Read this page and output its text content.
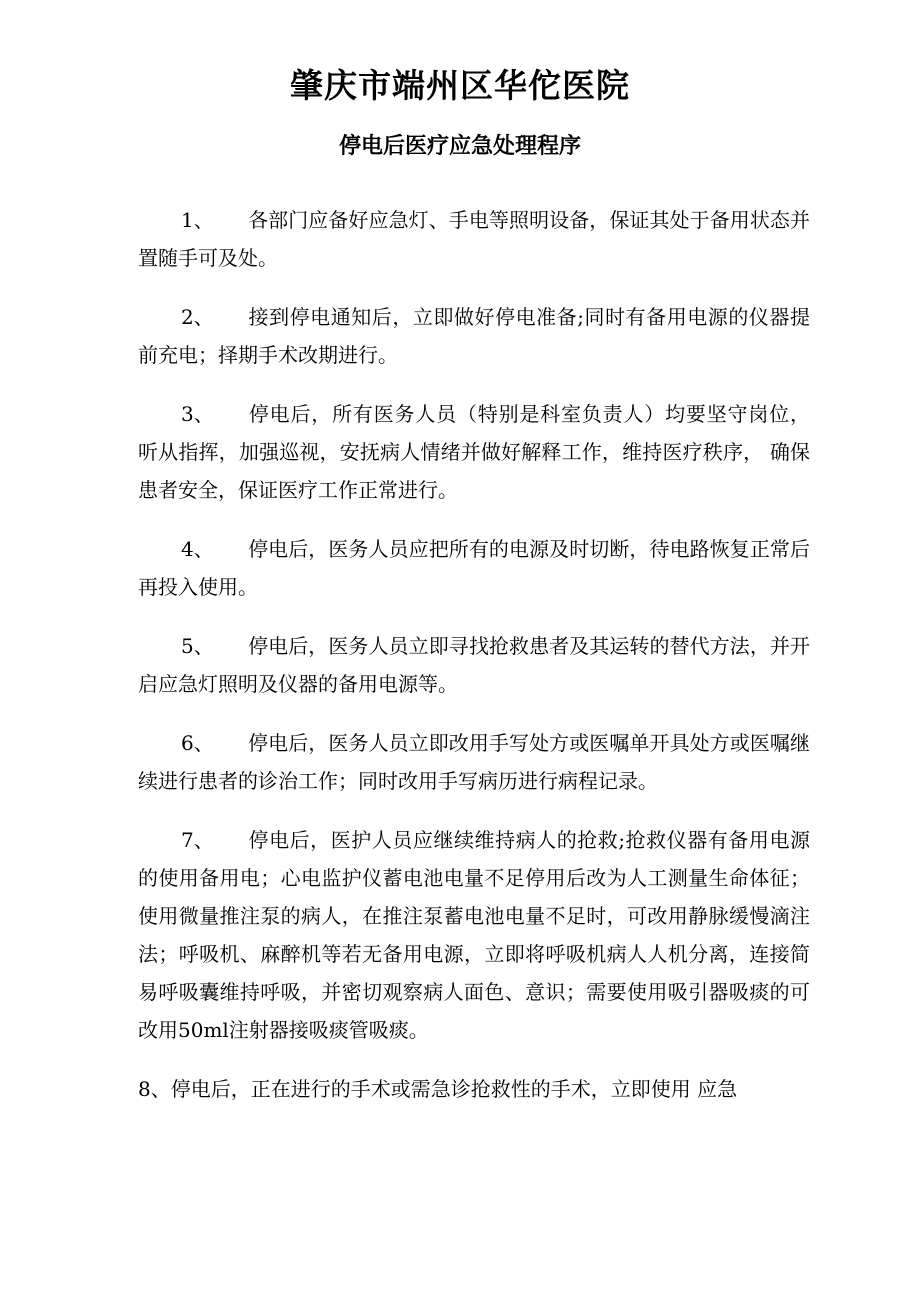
肇庆市端州区华佗医院
停电后医疗应急处理程序

1、 各部门应备好应急灯、手电等照明设备，保证其处于备用状态并置随手可及处。

2、 接到停电通知后，立即做好停电准备;同时有备用电源的仪器提前充电；择期手术改期进行。

3、 停电后，所有医务人员（特别是科室负责人）均要坚守岗位， 听从指挥，加强巡视，安抚病人情绪并做好解释工作，维持医疗秩序， 确保患者安全，保证医疗工作正常进行。

4、 停电后，医务人员应把所有的电源及时切断，待电路恢复正常后再投入使用。

5、 停电后，医务人员立即寻找抢救患者及其运转的替代方法，并开启应急灯照明及仪器的备用电源等。

6、 停电后，医务人员立即改用手写处方或医嘱单开具处方或医嘱继续进行患者的诊治工作；同时改用手写病历进行病程记录。

7、 停电后，医护人员应继续维持病人的抢救;抢救仪器有备用电源的使用备用电；心电监护仪蓄电池电量不足停用后改为人工测量生命体征；使用微量推注泵的病人，在推注泵蓄电池电量不足时，可改用静脉缓慢滴注法；呼吸机、麻醉机等若无备用电源，立即将呼吸机病人人机分离，连接简易呼吸囊维持呼吸，并密切观察病人面色、意识；需要使用吸引器吸痰的可改用50ml注射器接吸痰管吸痰。

8、停电后，正在进行的手术或需急诊抢救性的手术，立即使用 应急
